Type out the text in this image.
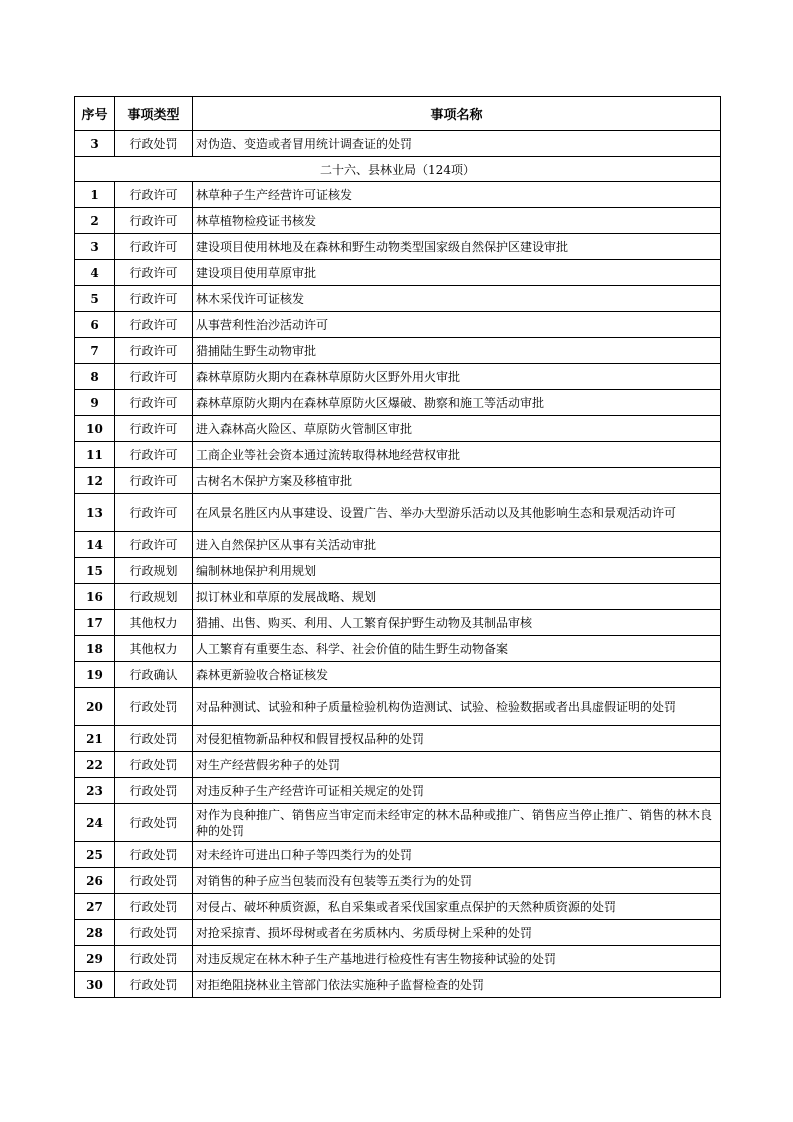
序号	事项类型	事项名称
3	行政处罚	对伪造、变造或者冒用统计调查证的处罚
二十六、县林业局（124项）		
1	行政许可	林草种子生产经营许可证核发
2	行政许可	林草植物检疫证书核发
3	行政许可	建设项目使用林地及在森林和野生动物类型国家级自然保护区建设审批
4	行政许可	建设项目使用草原审批
5	行政许可	林木采伐许可证核发
6	行政许可	从事营利性治沙活动许可
7	行政许可	猎捕陆生野生动物审批
8	行政许可	森林草原防火期内在森林草原防火区野外用火审批
9	行政许可	森林草原防火期内在森林草原防火区爆破、勘察和施工等活动审批
10	行政许可	进入森林高火险区、草原防火管制区审批
11	行政许可	工商企业等社会资本通过流转取得林地经营权审批
12	行政许可	古树名木保护方案及移植审批
13	行政许可	在风景名胜区内从事建设、设置广告、举办大型游乐活动以及其他影响生态和景观活动许可
14	行政许可	进入自然保护区从事有关活动审批
15	行政规划	编制林地保护利用规划
16	行政规划	拟订林业和草原的发展战略、规划
17	其他权力	猎捕、出售、购买、利用、人工繁育保护野生动物及其制品审核
18	其他权力	人工繁育有重要生态、科学、社会价值的陆生野生动物备案
19	行政确认	森林更新验收合格证核发
20	行政处罚	对品种测试、试验和种子质量检验机构伪造测试、试验、检验数据或者出具虚假证明的处罚
21	行政处罚	对侵犯植物新品种权和假冒授权品种的处罚
22	行政处罚	对生产经营假劣种子的处罚
23	行政处罚	对违反种子生产经营许可证相关规定的处罚
24	行政处罚	对作为良种推广、销售应当审定而未经审定的林木品种或推广、销售应当停止推广、销售的林木良种的处罚
25	行政处罚	对未经许可进出口种子等四类行为的处罚
26	行政处罚	对销售的种子应当包装而没有包装等五类行为的处罚
27	行政处罚	对侵占、破坏种质资源，私自采集或者采伐国家重点保护的天然种质资源的处罚
28	行政处罚	对抢采掠青、损坏母树或者在劣质林内、劣质母树上采种的处罚
29	行政处罚	对违反规定在林木种子生产基地进行检疫性有害生物接种试验的处罚
30	行政处罚	对拒绝阻挠林业主管部门依法实施种子监督检查的处罚
